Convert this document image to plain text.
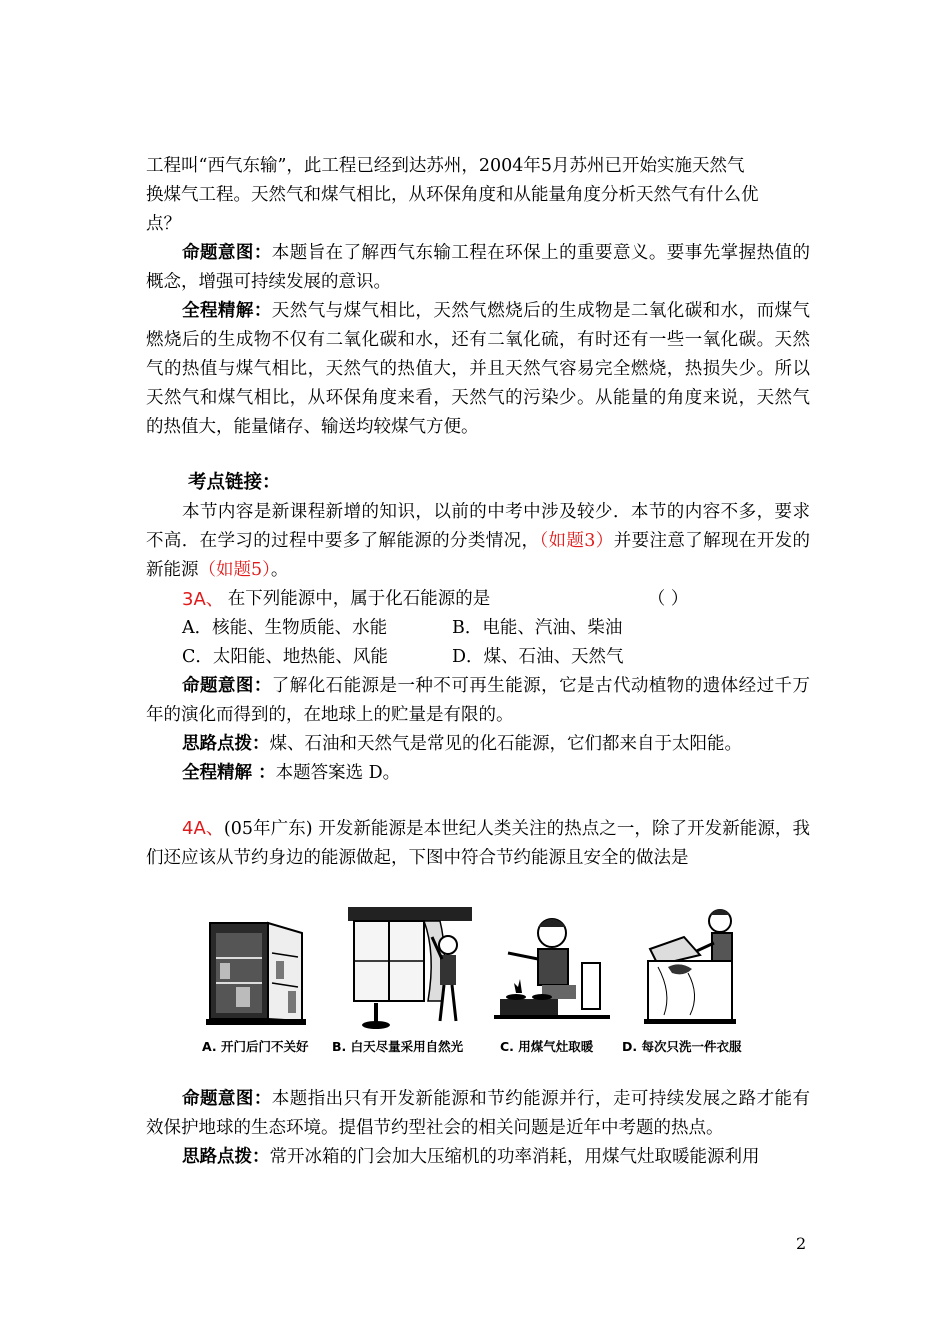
工程叫“西气东输”，此工程已经到达苏州，2004年5月苏州已开始实施天然气

换煤气工程。天然气和煤气相比，从环保角度和从能量角度分析天然气有什么优

点？

命题意图：本题旨在了解西气东输工程在环保上的重要意义。要事先掌握热值的概念，增强可持续发展的意识。

全程精解：天然气与煤气相比，天然气燃烧后的生成物是二氧化碳和水，而煤气燃烧后的生成物不仅有二氧化碳和水，还有二氧化硫，有时还有一些一氧化碳。天然气的热值与煤气相比，天然气的热值大，并且天然气容易完全燃烧，热损失少。所以天然气和煤气相比，从环保角度来看，天然气的污染少。从能量的角度来说，天然气的热值大，能量储存、输送均较煤气方便。

考点链接：

本节内容是新课程新增的知识，以前的中考中涉及较少．本节的内容不多，要求不高．在学习的过程中要多了解能源的分类情况，（如题3）并要注意了解现在开发的新能源（如题5）。

3A、 在下列能源中，属于化石能源的是	（ ）
A．核能、生物质能、水能	B．电能、汽油、柴油
C．太阳能、地热能、风能	D．煤、石油、天然气

命题意图：了解化石能源是一种不可再生能源，它是古代动植物的遗体经过千万年的演化而得到的，在地球上的贮量是有限的。

思路点拨：煤、石油和天然气是常见的化石能源，它们都来自于太阳能。

全程精解 ：本题答案选 D。

4A、(05年广东) 开发新能源是本世纪人类关注的热点之一，除了开发新能源，我们还应该从节约身边的能源做起，下图中符合节约能源且安全的做法是

A. 开门后门不关好 B. 白天尽量采用自然光	C. 用煤气灶取暖 D. 每次只洗一件衣服

命题意图：本题指出只有开发新能源和节约能源并行，走可持续发展之路才能有效保护地球的生态环境。提倡节约型社会的相关问题是近年中考题的热点。

思路点拨：常开冰箱的门会加大压缩机的功率消耗，用煤气灶取暖能源利用

2
